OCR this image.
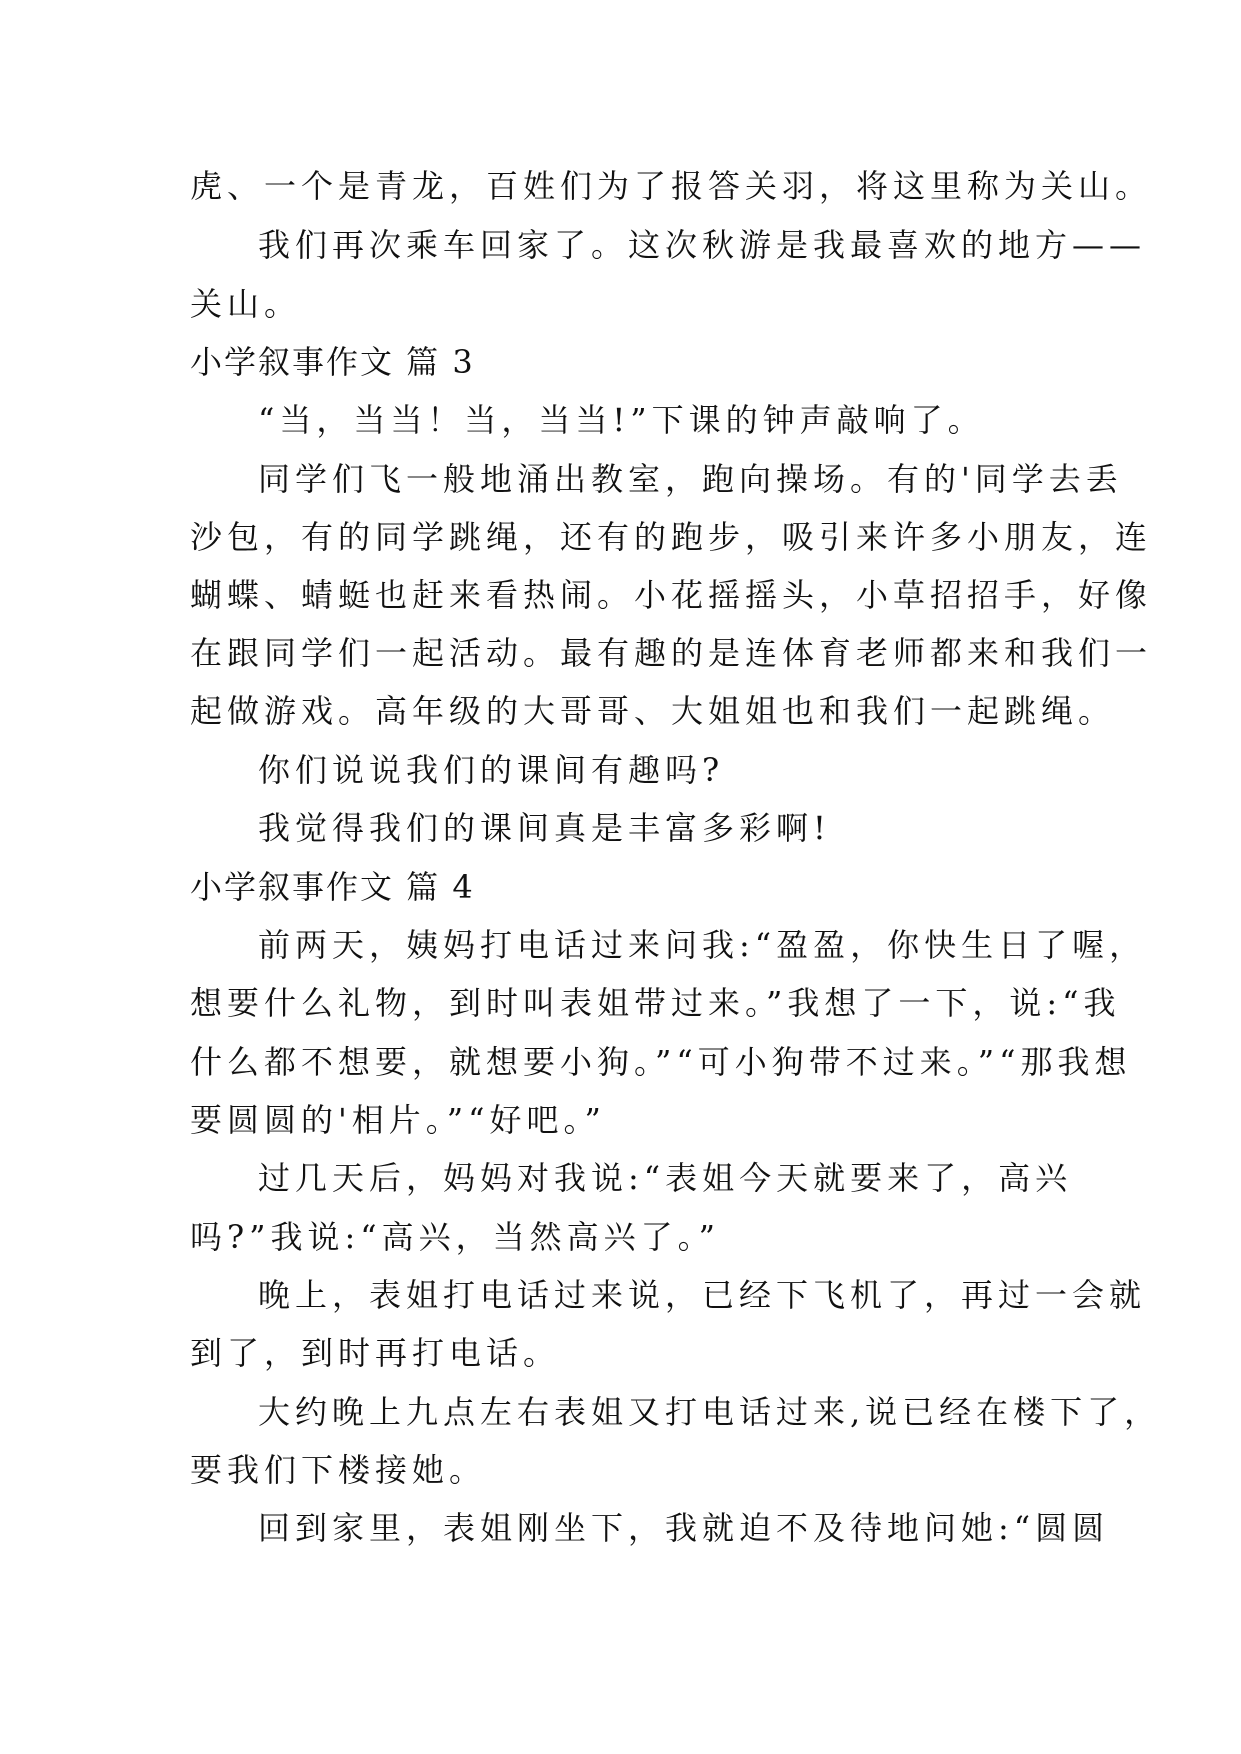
虎、一个是青龙，百姓们为了报答关羽，将这里称为关山。
我们再次乘车回家了。这次秋游是我最喜欢的地方——
关山。
小学叙事作文 篇 3
“当，当当！当，当当!”下课的钟声敲响了。
同学们飞一般地涌出教室，跑向操场。有的'同学去丢
沙包，有的同学跳绳，还有的跑步，吸引来许多小朋友，连
蝴蝶、蜻蜓也赶来看热闹。小花摇摇头，小草招招手，好像
在跟同学们一起活动。最有趣的是连体育老师都来和我们一
起做游戏。高年级的大哥哥、大姐姐也和我们一起跳绳。
你们说说我们的课间有趣吗?
我觉得我们的课间真是丰富多彩啊!
小学叙事作文 篇 4
前两天，姨妈打电话过来问我:“盈盈，你快生日了喔，
想要什么礼物，到时叫表姐带过来。”我想了一下，说:“我
什么都不想要，就想要小狗。”“可小狗带不过来。”“那我想
要圆圆的'相片。”“好吧。”
过几天后，妈妈对我说:“表姐今天就要来了，高兴
吗?”我说:“高兴，当然高兴了。”
晚上，表姐打电话过来说，已经下飞机了，再过一会就
到了，到时再打电话。
大约晚上九点左右表姐又打电话过来,说已经在楼下了，
要我们下楼接她。
回到家里，表姐刚坐下，我就迫不及待地问她:“圆圆
